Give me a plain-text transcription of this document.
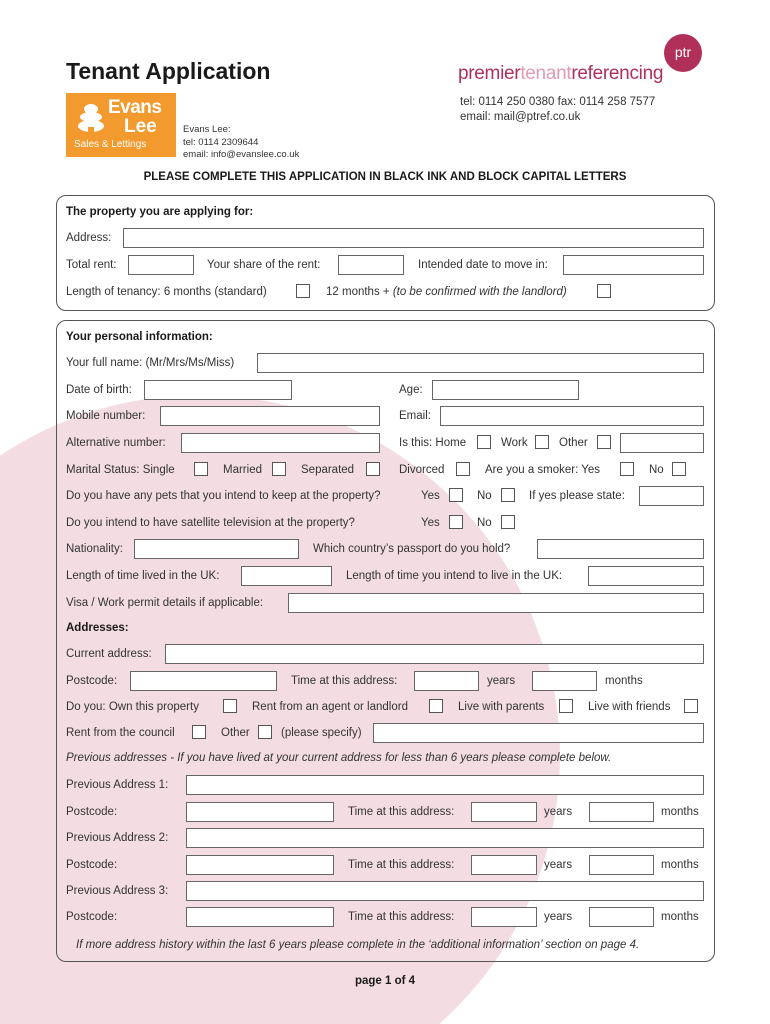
Tenant Application
Evans
Lee
Sales & Lettings
Evans Lee:
tel: 0114 2309644
email: info@evanslee.co.uk
ptr
premiertenantreferencing
tel: 0114 250 0380 fax: 0114 258 7577
email: mail@ptref.co.uk
PLEASE COMPLETE THIS APPLICATION IN BLACK INK AND BLOCK CAPITAL LETTERS
The property you are applying for:
Address:
Total rent:	Your share of the rent:	Intended date to move in:
Length of tenancy: 6 months (standard)	12 months + (to be confirmed with the landlord)
Your personal information:
Your full name: (Mr/Mrs/Ms/Miss)
Date of birth:	Age:
Mobile number:	Email:
Alternative number:	Is this: Home	Work	Other
Marital Status: Single	Married	Separated	Divorced	Are you a smoker: Yes	No
Do you have any pets that you intend to keep at the property?	Yes	No	If yes please state:
Do you intend to have satellite television at the property?	Yes	No
Nationality:	Which country’s passport do you hold?
Length of time lived in the UK:	Length of time you intend to live in the UK:
Visa / Work permit details if applicable:
Addresses:
Current address:
Postcode:	Time at this address:	years	months
Do you: Own this property	Rent from an agent or landlord	Live with parents	Live with friends
Rent from the council	Other	(please specify)
Previous addresses - If you have lived at your current address for less than 6 years please complete below.
Previous Address 1:
Postcode:	Time at this address:	years	months
Previous Address 2:
Postcode:	Time at this address:	years	months
Previous Address 3:
Postcode:	Time at this address:	years	months
If more address history within the last 6 years please complete in the ‘additional information’ section on page 4.
page 1 of 4
